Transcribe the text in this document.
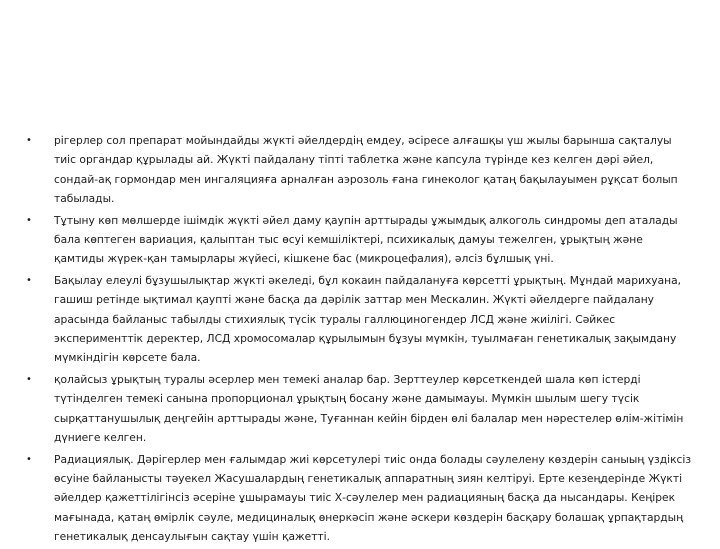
•	рігерлер сол препарат мойындайды жүкті әйелдердің емдеу, әсіресе алғашқы үш жылы барынша сақталуы тиіс органдар құрылады ай. Жүкті пайдалану тіпті таблетка және капсула түрінде кез келген дәрі әйел, сондай-ақ гормондар мен ингаляцияға арналған аэрозоль ғана гинеколог қатаң бақылауымен рұқсат болып табылады.
•	Тұтыну көп мөлшерде ішімдік жүкті әйел даму қаупін арттырады ұжымдық алкоголь синдромы деп аталады бала көптеген вариация, қалыптан тыс өсуі кемшіліктері, психикалық дамуы тежелген, ұрықтың және қамтиды жүрек-қан тамырлары жүйесі, кішкене бас (микроцефалия), әлсіз бұлшық үні.
•	Бақылау елеулі бұзушылықтар жүкті әкеледі, бұл кокаин пайдалануға көрсетті ұрықтың. Мұндай марихуана, гашиш ретінде ықтимал қаупті және басқа да дәрілік заттар мен Мескалин. Жүкті әйелдерге пайдалану арасында байланыс табылды стихиялық түсік туралы галлюциногендер ЛСД және жиілігі. Сәйкес эксперименттік деректер, ЛСД хромосомалар құрылымын бұзуы мүмкін, туылмаған генетикалық зақымдану мүмкіндігін көрсете бала.
•	қолайсыз ұрықтың туралы әсерлер мен темекі аналар бар. Зерттеулер көрсеткендей шала көп істерді түтінделген темекі санына пропорционал ұрықтың босану және дамымауы. Мүмкін шылым шегу түсік сырқаттанушылық деңгейін арттырады және, Туғаннан кейін бірден өлі балалар мен нәрестелер өлім-жітімін дүниеге келген.
•	Радиациялық. Дәрігерлер мен ғалымдар жиі көрсетулері тиіс онда болады сәулелену көздерін саныың үздіксіз өсуіне байланысты тәуекел Жасушалардың генетикалық аппаратның зиян келтіруі. Ерте кезеңдерінде Жүкті әйелдер қажеттілігінсіз әсеріне ұшырамауы тиіс Х-сәулелер мен радиацияның басқа да нысандары. Кеңірек мағынада, қатаң өмірлік сәуле, медициналық өнеркәсіп және әскери көздерін басқару болашақ ұрпақтардың генетикалық денсаулығын сақтау үшін қажетті.
